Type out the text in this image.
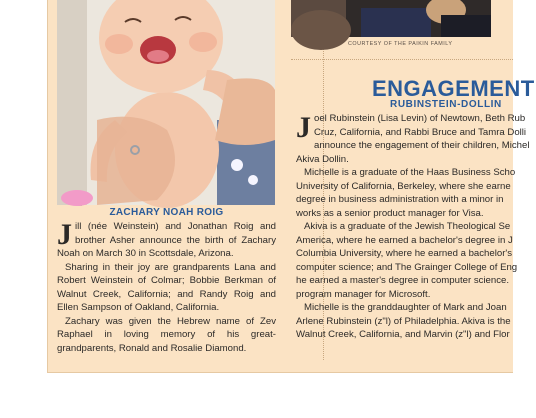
ZACHARY NOAH ROIG

Jill (née Weinstein) and Jonathan Roig and brother Asher announce the birth of Zachary Noah on March 30 in Scottsdale, Arizona.

Sharing in their joy are grandparents Lana and Robert Weinstein of Colmar; Bobbie Berkman of Walnut Creek, California; and Randy Roig and Ellen Sampson of Oakland, California.

Zachary was given the Hebrew name of Zev Raphael in loving memory of his great-grandparents, Ronald and Rosalie Diamond.

COURTESY OF THE PAIKIN FAMILY
ENGAGEMENT
RUBINSTEIN-DOLLIN
J oel Rubinstein (Lisa Levin) of Newtown, Beth Rub

Cruz, California, and Rabbi Bruce and Tamra Dolli

announce the engagement of their children, Michel

Akiva Dollin.

Michelle is a graduate of the Haas Business Scho

University of California, Berkeley, where she earne

degree in business administration with a minor in

works as a senior product manager for Visa.

Akiva is a graduate of the Jewish Theological Se

America, where he earned a bachelor's degree in J

Columbia University, where he earned a bachelor's

computer science; and The Grainger College of Eng

he earned a master's degree in computer science.

program manager for Microsoft.

Michelle is the granddaughter of Mark and Joan

Arlene Rubinstein (z"l) of Philadelphia. Akiva is the

Walnut Creek, California, and Marvin (z"l) and Flor
